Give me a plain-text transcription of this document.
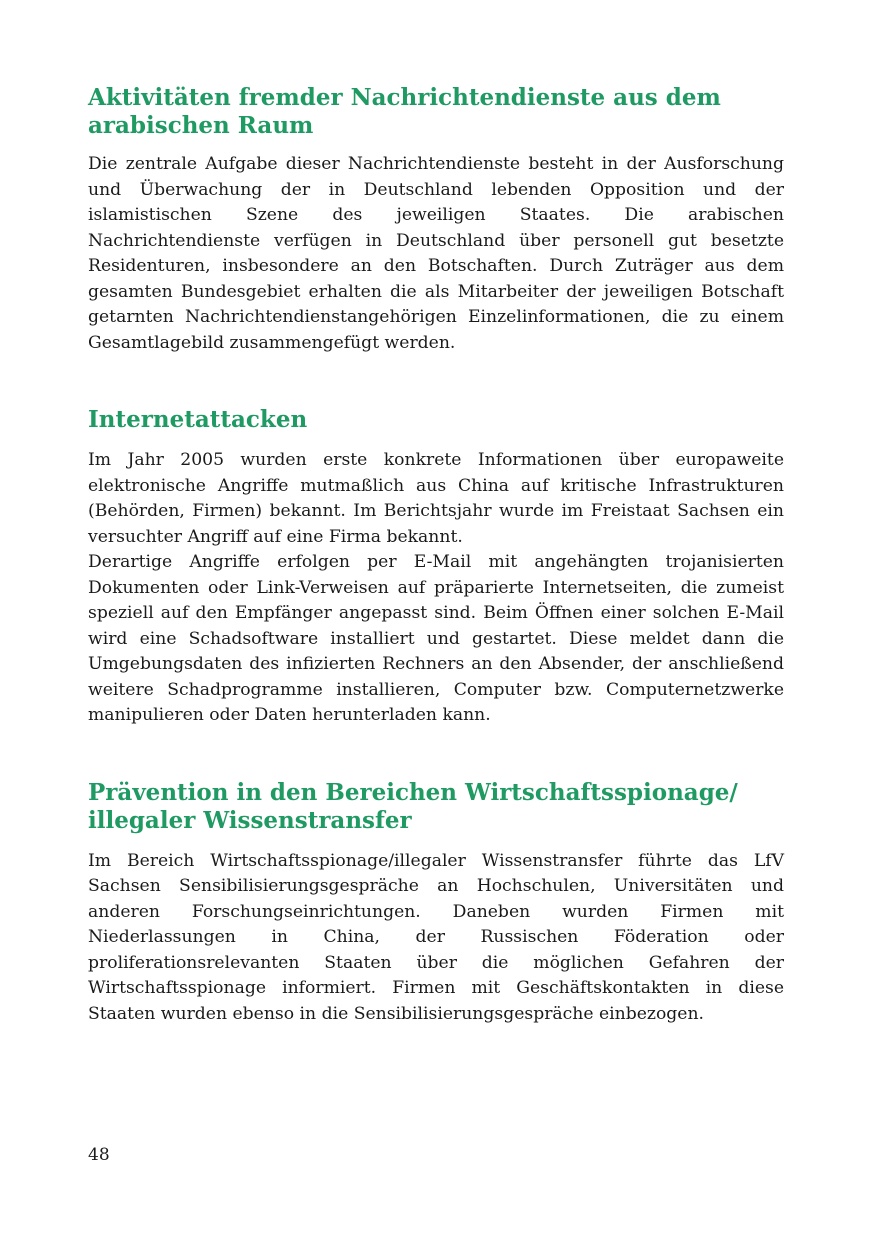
Aktivitäten fremder Nachrichtendienste aus dem
arabischen Raum

Die zentrale Aufgabe dieser Nachrichtendienste besteht in der Ausforschung und Überwachung der in Deutschland lebenden Opposition und der islamistischen Szene des jeweiligen Staates. Die arabischen Nachrichtendienste verfügen in Deutschland über personell gut besetzte Residenturen, insbesondere an den Botschaften. Durch Zuträger aus dem gesamten Bundesgebiet erhalten die als Mitarbeiter der jeweiligen Botschaft getarnten Nachrichtendienstangehörigen Einzelinformationen, die zu einem Gesamtlagebild zusammengefügt werden.

Internetattacken

Im Jahr 2005 wurden erste konkrete Informationen über europaweite elektronische Angriffe mutmaßlich aus China auf kritische Infrastrukturen (Behörden, Firmen) bekannt. Im Berichtsjahr wurde im Freistaat Sachsen ein versuchter Angriff auf eine Firma bekannt.

Derartige Angriffe erfolgen per E-Mail mit angehängten trojanisierten Dokumenten oder Link-Verweisen auf präparierte Internetseiten, die zumeist speziell auf den Empfänger angepasst sind. Beim Öffnen einer solchen E-Mail wird eine Schadsoftware installiert und gestartet. Diese meldet dann die Umgebungsdaten des infizierten Rechners an den Absender, der anschließend weitere Schadprogramme installieren, Computer bzw. Computernetzwerke manipulieren oder Daten herunterladen kann.

Prävention in den Bereichen Wirtschaftsspionage/
illegaler Wissenstransfer

Im Bereich Wirtschaftsspionage/illegaler Wissenstransfer führte das LfV Sachsen Sensibilisierungsgespräche an Hochschulen, Universitäten und anderen Forschungseinrichtungen. Daneben wurden Firmen mit Niederlassungen in China, der Russischen Föderation oder proliferationsrelevanten Staaten über die möglichen Gefahren der Wirtschaftsspionage informiert. Firmen mit Geschäftskontakten in diese Staaten wurden ebenso in die Sensibilisierungsgespräche einbezogen.

48
